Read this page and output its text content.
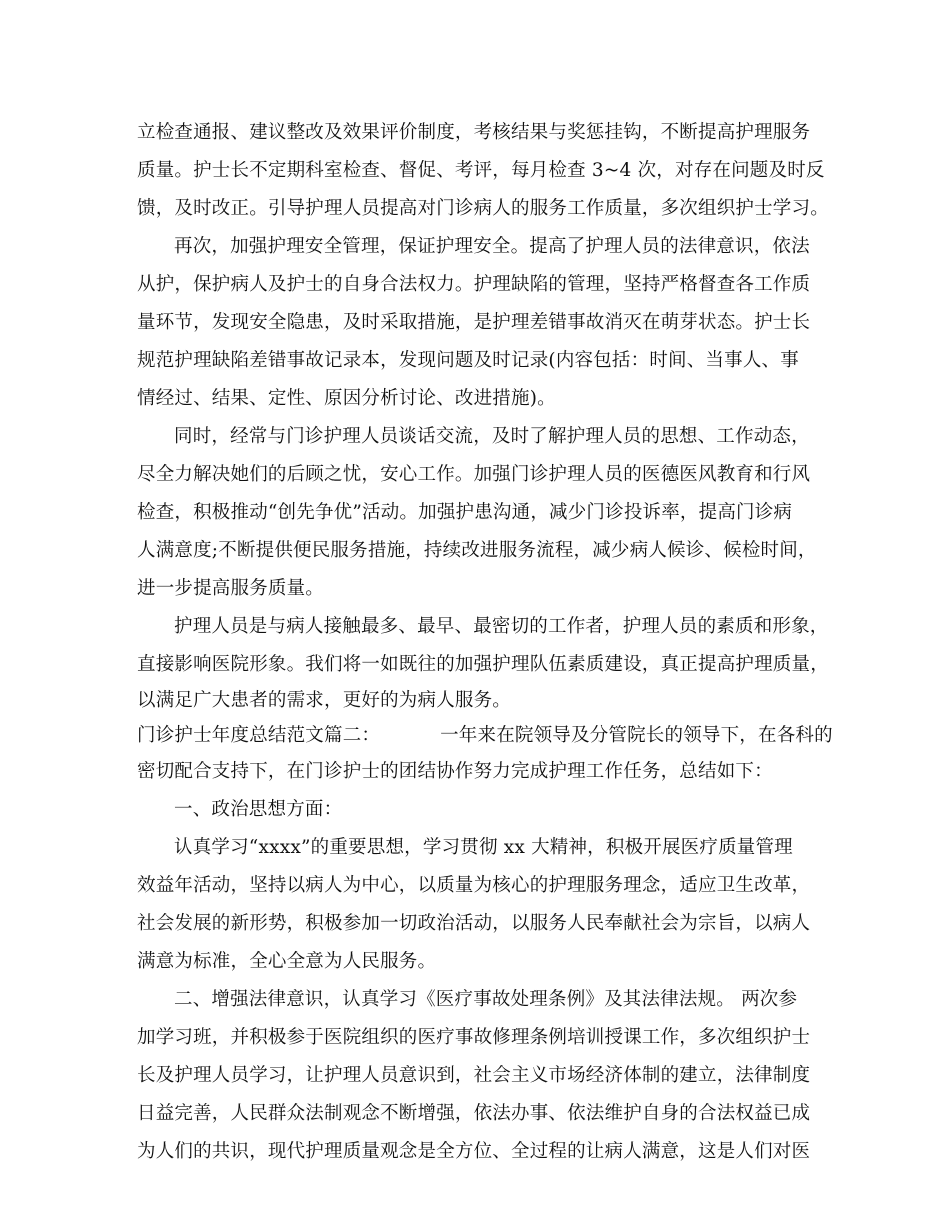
立检查通报、建议整改及效果评价制度，考核结果与奖惩挂钩，不断提高护理服务
质量。护士长不定期科室检查、督促、考评，每月检查 3~4 次，对存在问题及时反
馈，及时改正。引导护理人员提高对门诊病人的服务工作质量，多次组织护士学习。
再次，加强护理安全管理，保证护理安全。提高了护理人员的法律意识，依法
从护，保护病人及护士的自身合法权力。护理缺陷的管理，坚持严格督查各工作质
量环节，发现安全隐患，及时采取措施，是护理差错事故消灭在萌芽状态。护士长
规范护理缺陷差错事故记录本，发现问题及时记录(内容包括：时间、当事人、事
情经过、结果、定性、原因分析讨论、改进措施)。
同时，经常与门诊护理人员谈话交流，及时了解护理人员的思想、工作动态，
尽全力解决她们的后顾之忧，安心工作。加强门诊护理人员的医德医风教育和行风
检查，积极推动“创先争优”活动。加强护患沟通，减少门诊投诉率，提高门诊病
人满意度;不断提供便民服务措施，持续改进服务流程，减少病人候诊、候检时间，
进一步提高服务质量。
护理人员是与病人接触最多、最早、最密切的工作者，护理人员的素质和形象，
直接影响医院形象。我们将一如既往的加强护理队伍素质建设，真正提高护理质量，
以满足广大患者的需求，更好的为病人服务。
门诊护士年度总结范文篇二：	一年来在院领导及分管院长的领导下，在各科的
密切配合支持下，在门诊护士的团结协作努力完成护理工作任务，总结如下：
一、政治思想方面：
认真学习“xxxx”的重要思想，学习贯彻 xx 大精神，积极开展医疗质量管理
效益年活动，坚持以病人为中心，以质量为核心的护理服务理念，适应卫生改革，
社会发展的新形势，积极参加一切政治活动，以服务人民奉献社会为宗旨，以病人
满意为标准，全心全意为人民服务。
二、增强法律意识，认真学习《医疗事故处理条例》及其法律法规。 两次参
加学习班，并积极参于医院组织的医疗事故修理条例培训授课工作，多次组织护士
长及护理人员学习，让护理人员意识到，社会主义市场经济体制的建立，法律制度
日益完善，人民群众法制观念不断增强，依法办事、依法维护自身的合法权益已成
为人们的共识，现代护理质量观念是全方位、全过程的让病人满意，这是人们对医
